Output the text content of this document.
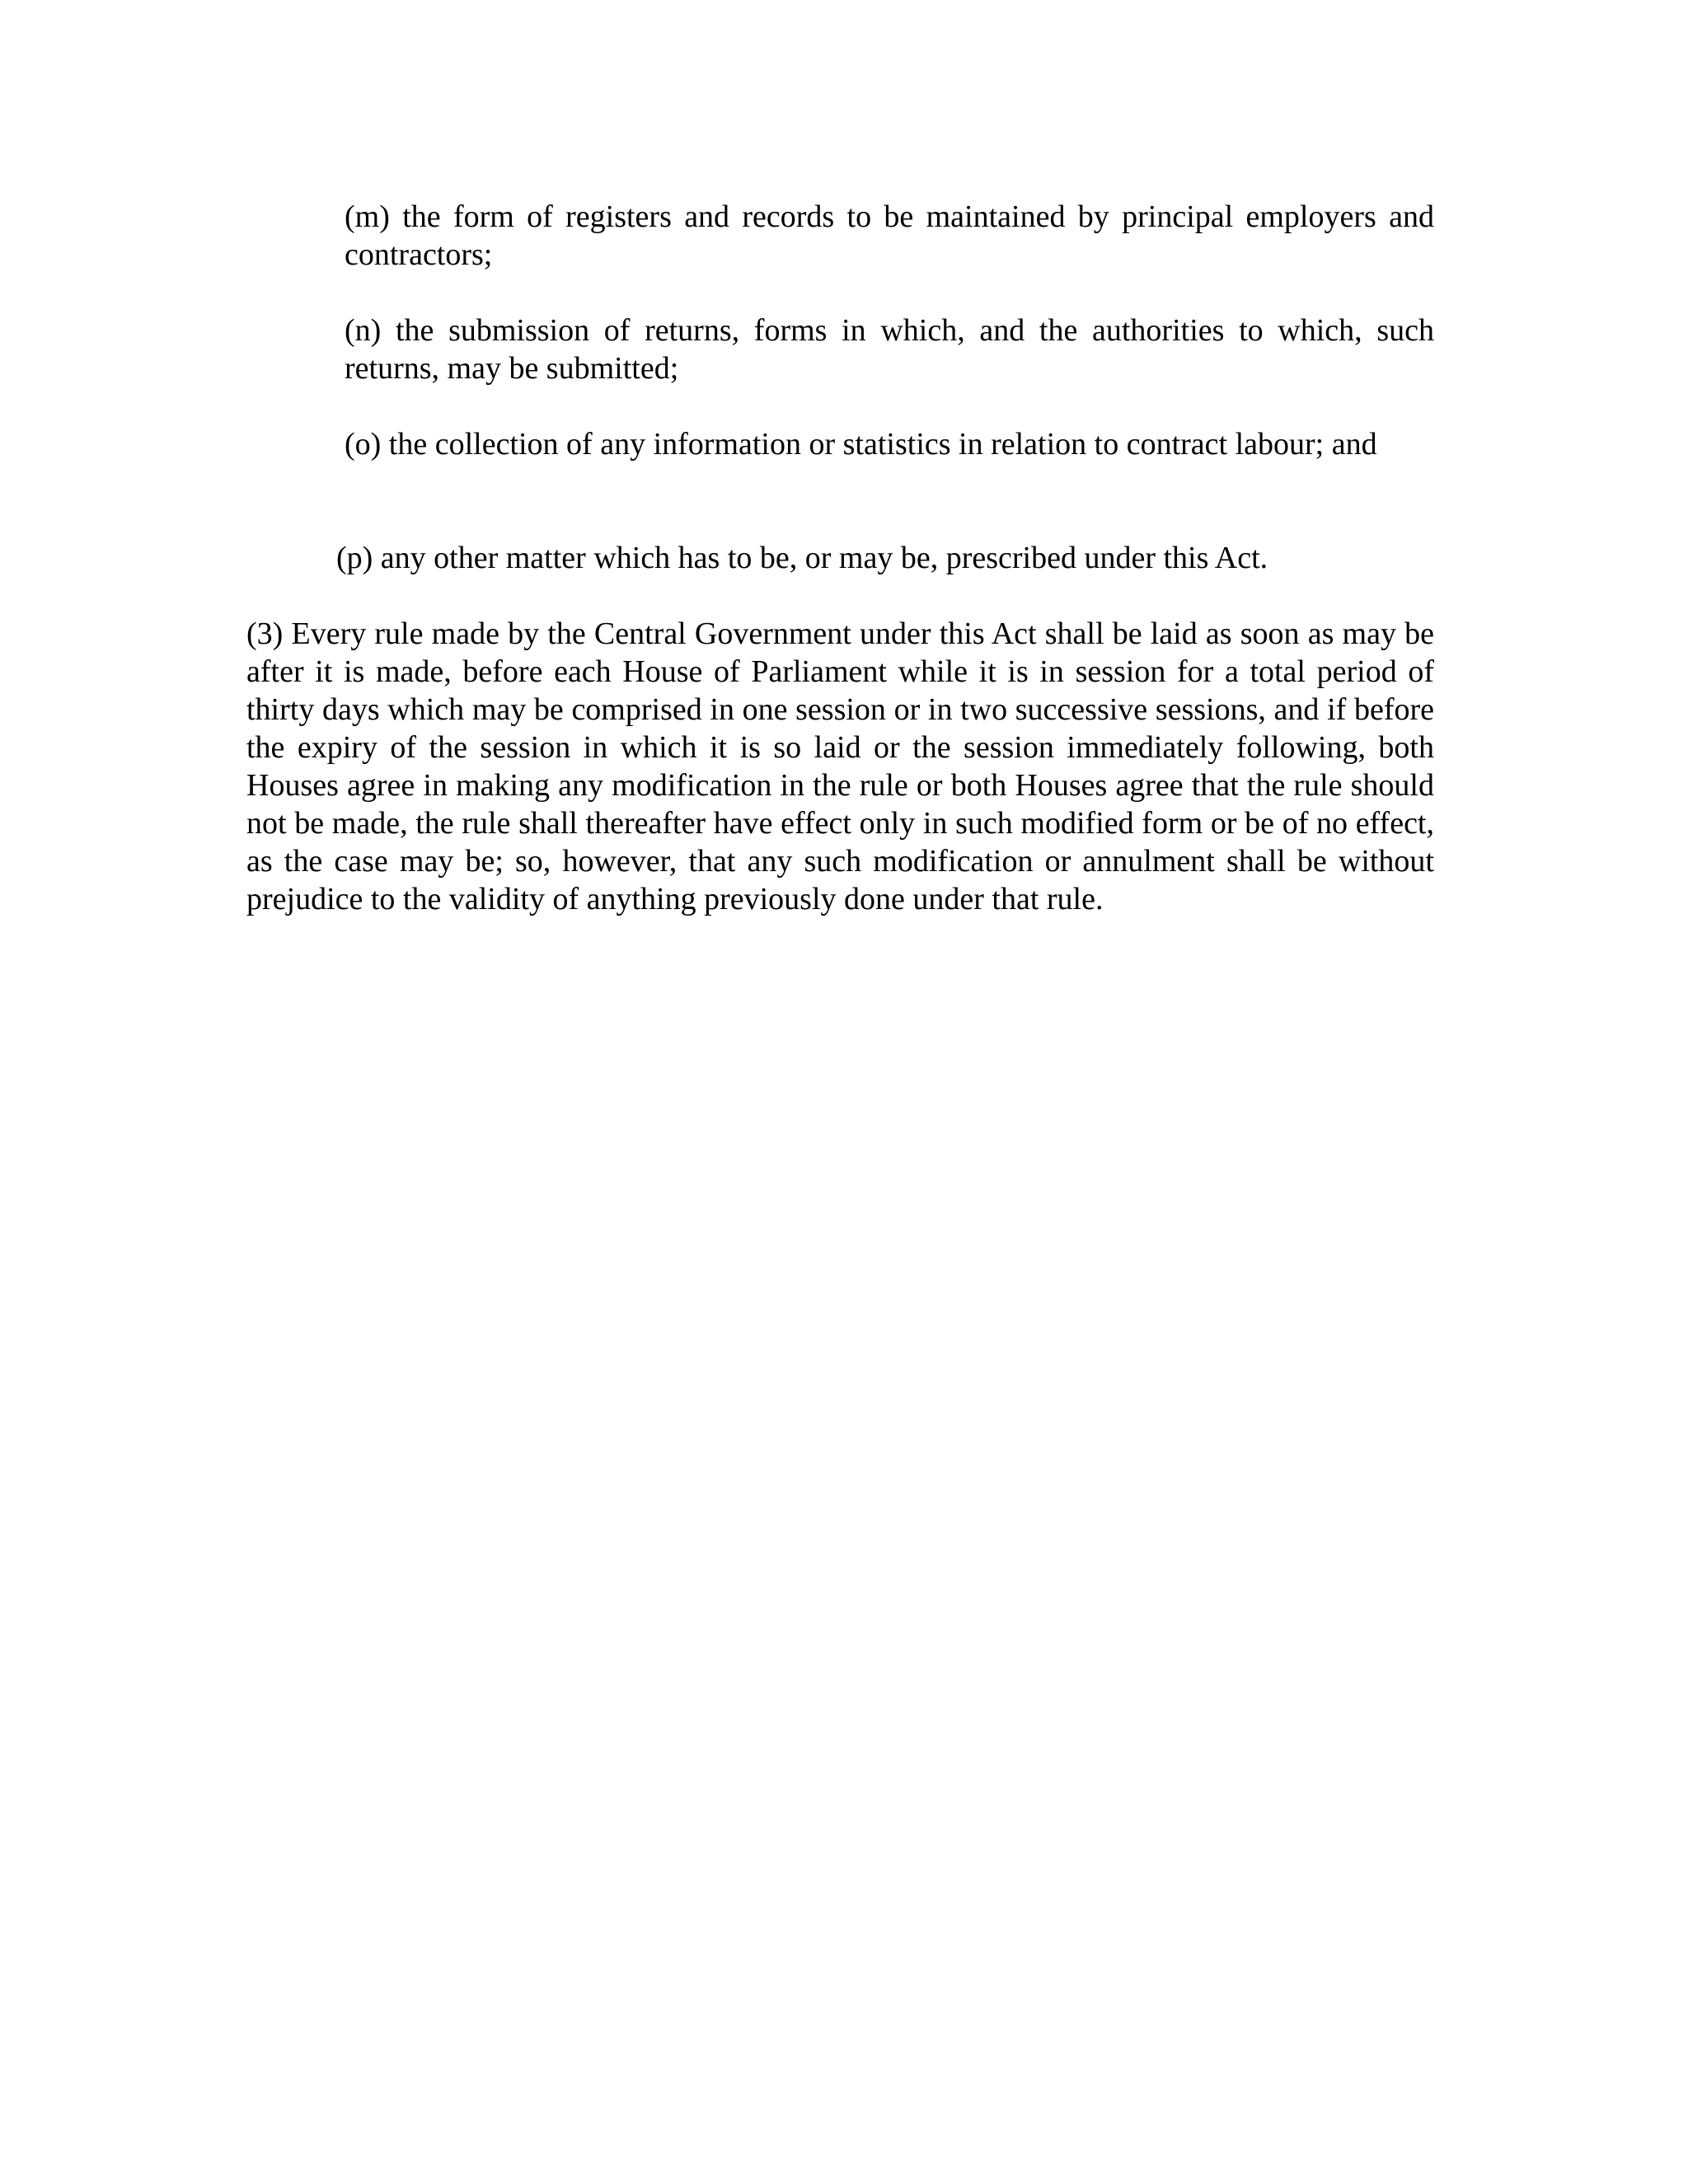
(m) the form of registers and records to be maintained by principal employers and contractors;

(n) the submission of returns, forms in which, and the authorities to which, such returns, may be submitted;

(o) the collection of any information or statistics in relation to contract labour; and

(p) any other matter which has to be, or may be, prescribed under this Act.

(3) Every rule made by the Central Government under this Act shall be laid as soon as may be after it is made, before each House of Parliament while it is in session for a total period of thirty days which may be comprised in one session or in two successive sessions, and if before the expiry of the session in which it is so laid or the session immediately following, both Houses agree in making any modification in the rule or both Houses agree that the rule should not be made, the rule shall thereafter have effect only in such modified form or be of no effect, as the case may be; so, however, that any such modification or annulment shall be without prejudice to the validity of anything previously done under that rule.
